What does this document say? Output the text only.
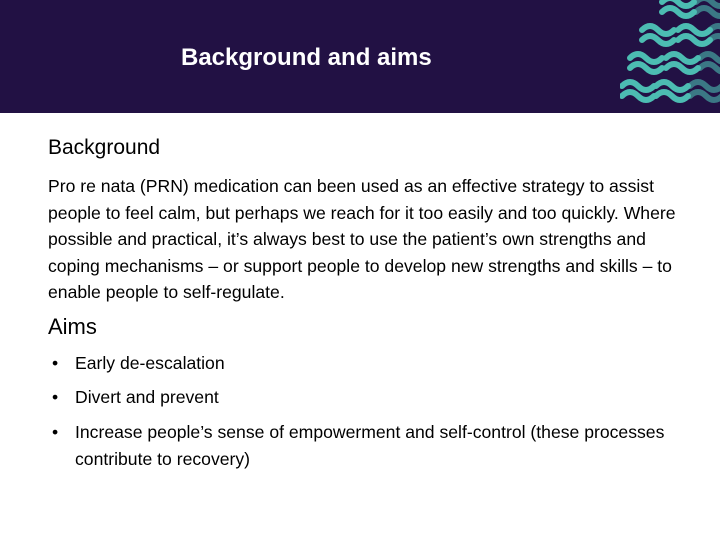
Background and aims
Background
Pro re nata (PRN) medication can been used as an effective strategy to assist people to feel calm, but perhaps we reach for it too easily and too quickly. Where possible and practical, it’s always best to use the patient’s own strengths and coping mechanisms – or support people to develop new strengths and skills – to enable people to self-regulate.
Aims
• Early de-escalation
• Divert and prevent
• Increase people’s sense of empowerment and self-control (these processes contribute to recovery)
